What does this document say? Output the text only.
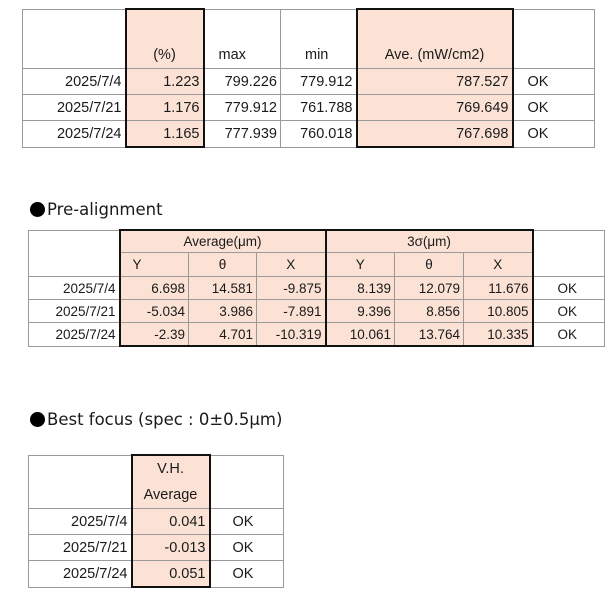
	(%)	max	min	Ave. (mW/cm2)	
2025/7/4	1.223	799.226	779.912	787.527	OK
2025/7/21	1.176	779.912	761.788	769.649	OK
2025/7/24	1.165	777.939	760.018	767.698	OK
Pre-alignment
	Average(μm)			3σ(μm)			
	Y	θ	X	Y	θ	X	
2025/7/4	6.698	14.581	-9.875	8.139	12.079	11.676	OK
2025/7/21	-5.034	3.986	-7.891	9.396	8.856	10.805	OK
2025/7/24	-2.39	4.701	-10.319	10.061	13.764	10.335	OK
Best focus (spec : 0±0.5μm)
	V.H.	
	Average	
2025/7/4	0.041	OK
2025/7/21	-0.013	OK
2025/7/24	0.051	OK
